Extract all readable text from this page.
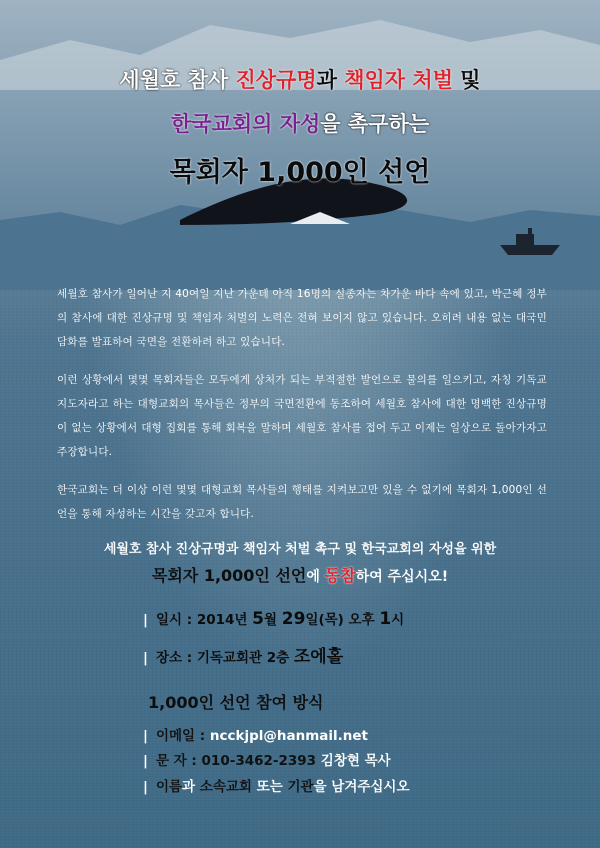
세월호 참사 진상규명과 책임자 처벌 및
한국교회의 자성을 촉구하는
목회자 1,000인 선언
세월호 참사가 일어난 지 40여일 지난 가운데 아직 16명의 실종자는 차가운 바다 속에 있고, 박근혜 정부의 참사에 대한 진상규명 및 책임자 처벌의 노력은 전혀 보이지 않고 있습니다. 오히려 내용 없는 대국민담화를 발표하여 국면을 전환하려 하고 있습니다.
이런 상황에서 몇몇 목회자들은 모두에게 상처가 되는 부적절한 발언으로 물의를 일으키고, 자칭 기독교 지도자라고 하는 대형교회의 목사들은 정부의 국면전환에 동조하여 세월호 참사에 대한 명백한 진상규명이 없는 상황에서 대형 집회를 통해 회복을 말하며 세월호 참사를 접어 두고 이제는 일상으로 돌아가자고 주장합니다.
한국교회는 더 이상 이런 몇몇 대형교회 목사들의 행태를 지켜보고만 있을 수 없기에 목회자 1,000인 선언을 통해 자성하는 시간을 갖고자 합니다.
세월호 참사 진상규명과 책임자 처벌 촉구 및 한국교회의 자성을 위한
목회자 1,000인 선언에 동참하여 주십시오!
| 일시 : 2014년 5월 29일(목) 오후 1시
| 장소 : 기독교회관 2층 조에홀
1,000인 선언 참여 방식
| 이메일 : ncckjpl@hanmail.net
| 문 자 : 010-3462-2393 김창현 목사
| 이름과 소속교회 또는 기관을 남겨주십시오
